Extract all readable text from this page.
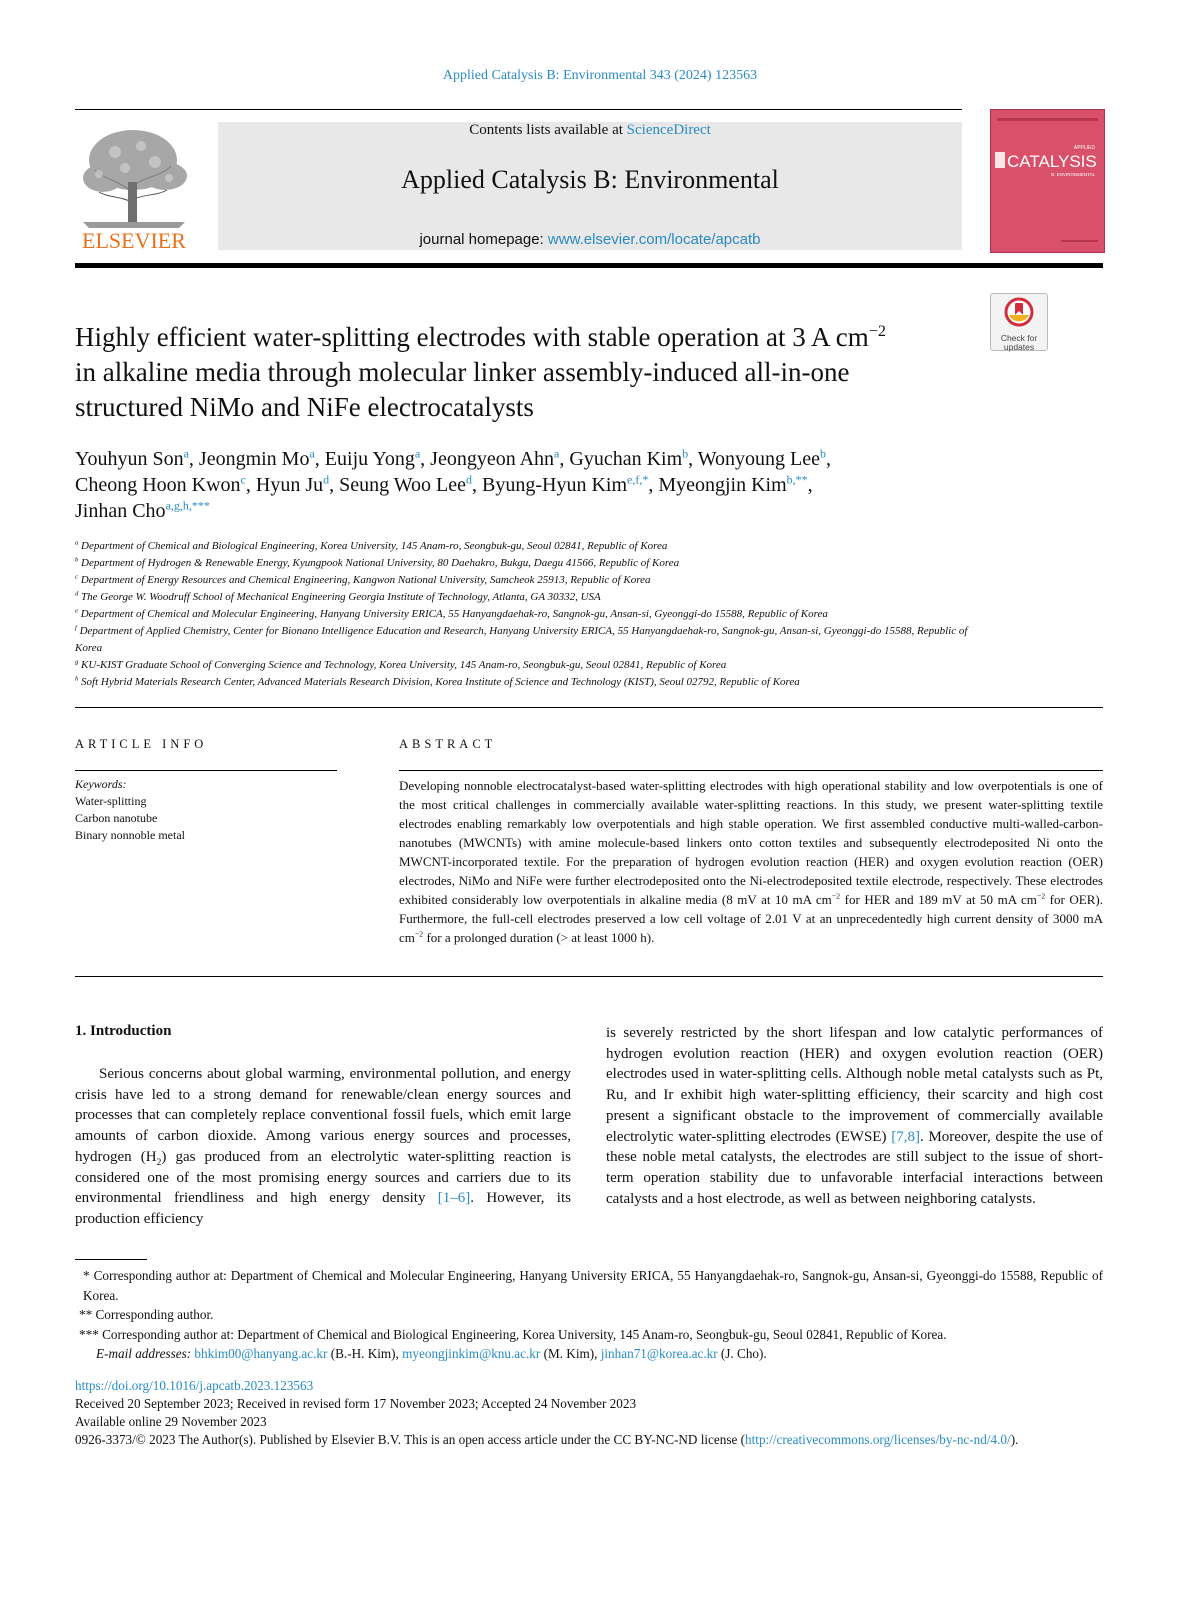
Applied Catalysis B: Environmental 343 (2024) 123563
ELSEVIER
Contents lists available at ScienceDirect
Applied Catalysis B: Environmental
journal homepage: www.elsevier.com/locate/apcatb
APPLIED
CATALYSIS
B: ENVIRONMENTAL
Check for updates
Highly efficient water-splitting electrodes with stable operation at 3 A $cm^{-2}$
in alkaline media through molecular linker assembly-induced all-in-one
structured NiMo and NiFe electrocatalysts
Youhyun Son$^a$, Jeongmin Mo$^a$, Euiju Yong$^a$, Jeongyeon Ahn$^a$, Gyuchan Kim$^b$, Wonyoung Lee$^b$,
Cheong Hoon Kwon$^c$, Hyun Ju$^d$, Seung Woo Lee$^d$, Byung-Hyun Kim$^{e,f,*}$, Myeongjin Kim$^{b,**}$,
Jinhan Cho$^{a,g,h,***}$
$^a$ Department of Chemical and Biological Engineering, Korea University, 145 Anam-ro, Seongbuk-gu, Seoul 02841, Republic of Korea
$^b$ Department of Hydrogen & Renewable Energy, Kyungpook National University, 80 Daehakro, Bukgu, Daegu 41566, Republic of Korea
$^c$ Department of Energy Resources and Chemical Engineering, Kangwon National University, Samcheok 25913, Republic of Korea
$^d$ The George W. Woodruff School of Mechanical Engineering Georgia Institute of Technology, Atlanta, GA 30332, USA
$^e$ Department of Chemical and Molecular Engineering, Hanyang University ERICA, 55 Hanyangdaehak-ro, Sangnok-gu, Ansan-si, Gyeonggi-do 15588, Republic of Korea
$^f$ Department of Applied Chemistry, Center for Bionano Intelligence Education and Research, Hanyang University ERICA, 55 Hanyangdaehak-ro, Sangnok-gu, Ansan-si, Gyeonggi-do 15588, Republic of Korea
$^g$ KU-KIST Graduate School of Converging Science and Technology, Korea University, 145 Anam-ro, Seongbuk-gu, Seoul 02841, Republic of Korea
$^h$ Soft Hybrid Materials Research Center, Advanced Materials Research Division, Korea Institute of Science and Technology (KIST), Seoul 02792, Republic of Korea
ARTICLE INFO
Keywords:
Water-splitting
Carbon nanotube
Binary nonnoble metal
ABSTRACT
Developing nonnoble electrocatalyst-based water-splitting electrodes with high operational stability and low overpotentials is one of the most critical challenges in commercially available water-splitting reactions. In this study, we present water-splitting textile electrodes enabling remarkably low overpotentials and high stable operation. We first assembled conductive multi-walled-carbon-nanotubes (MWCNTs) with amine molecule-based linkers onto cotton textiles and subsequently electrodeposited Ni onto the MWCNT-incorporated textile. For the preparation of hydrogen evolution reaction (HER) and oxygen evolution reaction (OER) electrodes, NiMo and NiFe were further electrodeposited onto the Ni-electrodeposited textile electrode, respectively. These electrodes exhibited considerably low overpotentials in alkaline media (8 mV at 10 mA $cm^{-2}$ for HER and 189 mV at 50 mA $cm^{-2}$ for OER). Furthermore, the full-cell electrodes preserved a low cell voltage of 2.01 V at an unprecedentedly high current density of 3000 mA $cm^{-2}$ for a prolonged duration (> at least 1000 h).
1. Introduction
Serious concerns about global warming, environmental pollution, and energy crisis have led to a strong demand for renewable/clean energy sources and processes that can completely replace conventional fossil fuels, which emit large amounts of carbon dioxide. Among various energy sources and processes, hydrogen $(H_2)$ gas produced from an electrolytic water-splitting reaction is considered one of the most promising energy sources and carriers due to its environmental friendliness and high energy density [1–6]. However, its production efficiency
is severely restricted by the short lifespan and low catalytic performances of hydrogen evolution reaction (HER) and oxygen evolution reaction (OER) electrodes used in water-splitting cells. Although noble metal catalysts such as Pt, Ru, and Ir exhibit high water-splitting efficiency, their scarcity and high cost present a significant obstacle to the improvement of commercially available electrolytic water-splitting electrodes (EWSE) [7,8]. Moreover, despite the use of these noble metal catalysts, the electrodes are still subject to the issue of short-term operation stability due to unfavorable interfacial interactions between catalysts and a host electrode, as well as between neighboring catalysts.
* Corresponding author at: Department of Chemical and Molecular Engineering, Hanyang University ERICA, 55 Hanyangdaehak-ro, Sangnok-gu, Ansan-si, Gyeonggi-do 15588, Republic of Korea.
** Corresponding author.
*** Corresponding author at: Department of Chemical and Biological Engineering, Korea University, 145 Anam-ro, Seongbuk-gu, Seoul 02841, Republic of Korea.
E-mail addresses: bhkim00@hanyang.ac.kr (B.-H. Kim), myeongjinkim@knu.ac.kr (M. Kim), jinhan71@korea.ac.kr (J. Cho).
https://doi.org/10.1016/j.apcatb.2023.123563
Received 20 September 2023; Received in revised form 17 November 2023; Accepted 24 November 2023
Available online 29 November 2023
0926-3373/© 2023 The Author(s). Published by Elsevier B.V. This is an open access article under the CC BY-NC-ND license (http://creativecommons.org/licenses/by-nc-nd/4.0/).
